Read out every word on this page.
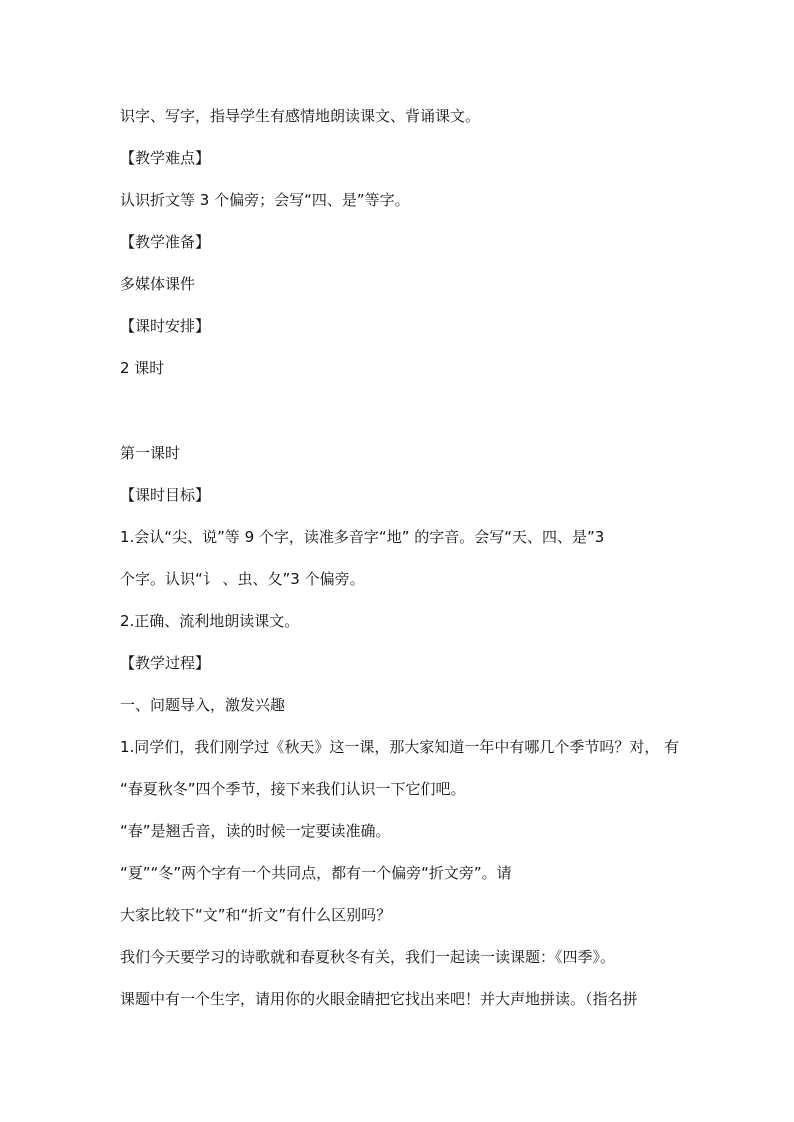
识字、写字，指导学生有感情地朗读课文、背诵课文。

【教学难点】

认识折文等 3 个偏旁；会写“四、是”等字。

【教学准备】

多媒体课件

【课时安排】

2 课时

第一课时

【课时目标】

1.会认“尖、说”等 9 个字，读准多音字“地” 的字音。会写“天、四、是”3

个字。认识“讠 、虫、夂”3 个偏旁。

2.正确、流利地朗读课文。

【教学过程】

一、问题导入，激发兴趣

1.同学们，我们刚学过《秋天》这一课，那大家知道一年中有哪几个季节吗？对， 有

“春夏秋冬”四个季节，接下来我们认识一下它们吧。

“春”是翘舌音，读的时候一定要读准确。

“夏”“冬”两个字有一个共同点，都有一个偏旁“折文旁”。请

大家比较下“文”和“折文”有什么区别吗？

我们今天要学习的诗歌就和春夏秋冬有关，我们一起读一读课题：《四季》。

课题中有一个生字，请用你的火眼金睛把它找出来吧！并大声地拼读。（指名拼
